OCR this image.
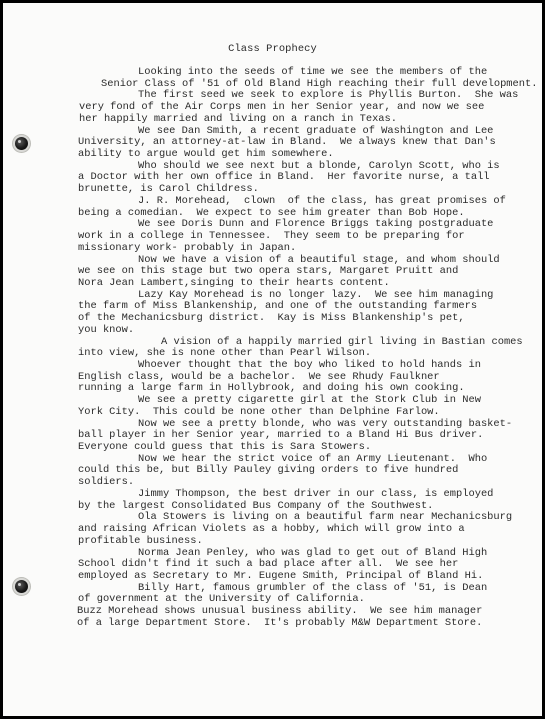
Class Prophecy
Looking into the seeds of time we see the members of the
Senior Class of '51 of Old Bland High reaching their full development.
The first seed we seek to explore is Phyllis Burton.  She was
very fond of the Air Corps men in her Senior year, and now we see
her happily married and living on a ranch in Texas.
We see Dan Smith, a recent graduate of Washington and Lee
University, an attorney-at-law in Bland.  We always knew that Dan's
ability to argue would get him somewhere.
Who should we see next but a blonde, Carolyn Scott, who is
a Doctor with her own office in Bland.  Her favorite nurse, a tall
brunette, is Carol Childress.
J. R. Morehead,  clown  of the class, has great promises of
being a comedian.  We expect to see him greater than Bob Hope.
We see Doris Dunn and Florence Briggs taking postgraduate
work in a college in Tennessee.  They seem to be preparing for
missionary work- probably in Japan.
Now we have a vision of a beautiful stage, and whom should
we see on this stage but two opera stars, Margaret Pruitt and
Nora Jean Lambert,singing to their hearts content.
Lazy Kay Morehead is no longer lazy.  We see him managing
the farm of Miss Blankenship, and one of the outstanding farmers
of the Mechanicsburg district.  Kay is Miss Blankenship's pet,
you know.
A vision of a happily married girl living in Bastian comes
into view, she is none other than Pearl Wilson.
Whoever thought that the boy who liked to hold hands in
English class, would be a bachelor.  We see Rhudy Faulkner
running a large farm in Hollybrook, and doing his own cooking.
We see a pretty cigarette girl at the Stork Club in New
York City.  This could be none other than Delphine Farlow.
Now we see a pretty blonde, who was very outstanding basket-
ball player in her Senior year, married to a Bland Hi Bus driver.
Everyone could guess that this is Sara Stowers.
Now we hear the strict voice of an Army Lieutenant.  Who
could this be, but Billy Pauley giving orders to five hundred
soldiers.
Jimmy Thompson, the best driver in our class, is employed
by the largest Consolidated Bus Company of the Southwest.
Ola Stowers is living on a beautiful farm near Mechanicsburg
and raising African Violets as a hobby, which will grow into a
profitable business.
Norma Jean Penley, who was glad to get out of Bland High
School didn't find it such a bad place after all.  We see her
employed as Secretary to Mr. Eugene Smith, Principal of Bland Hi.
Billy Hart, famous grumbler of the class of '51, is Dean
of government at the University of California.
Buzz Morehead shows unusual business ability.  We see him manager
of a large Department Store.  It's probably M&W Department Store.
